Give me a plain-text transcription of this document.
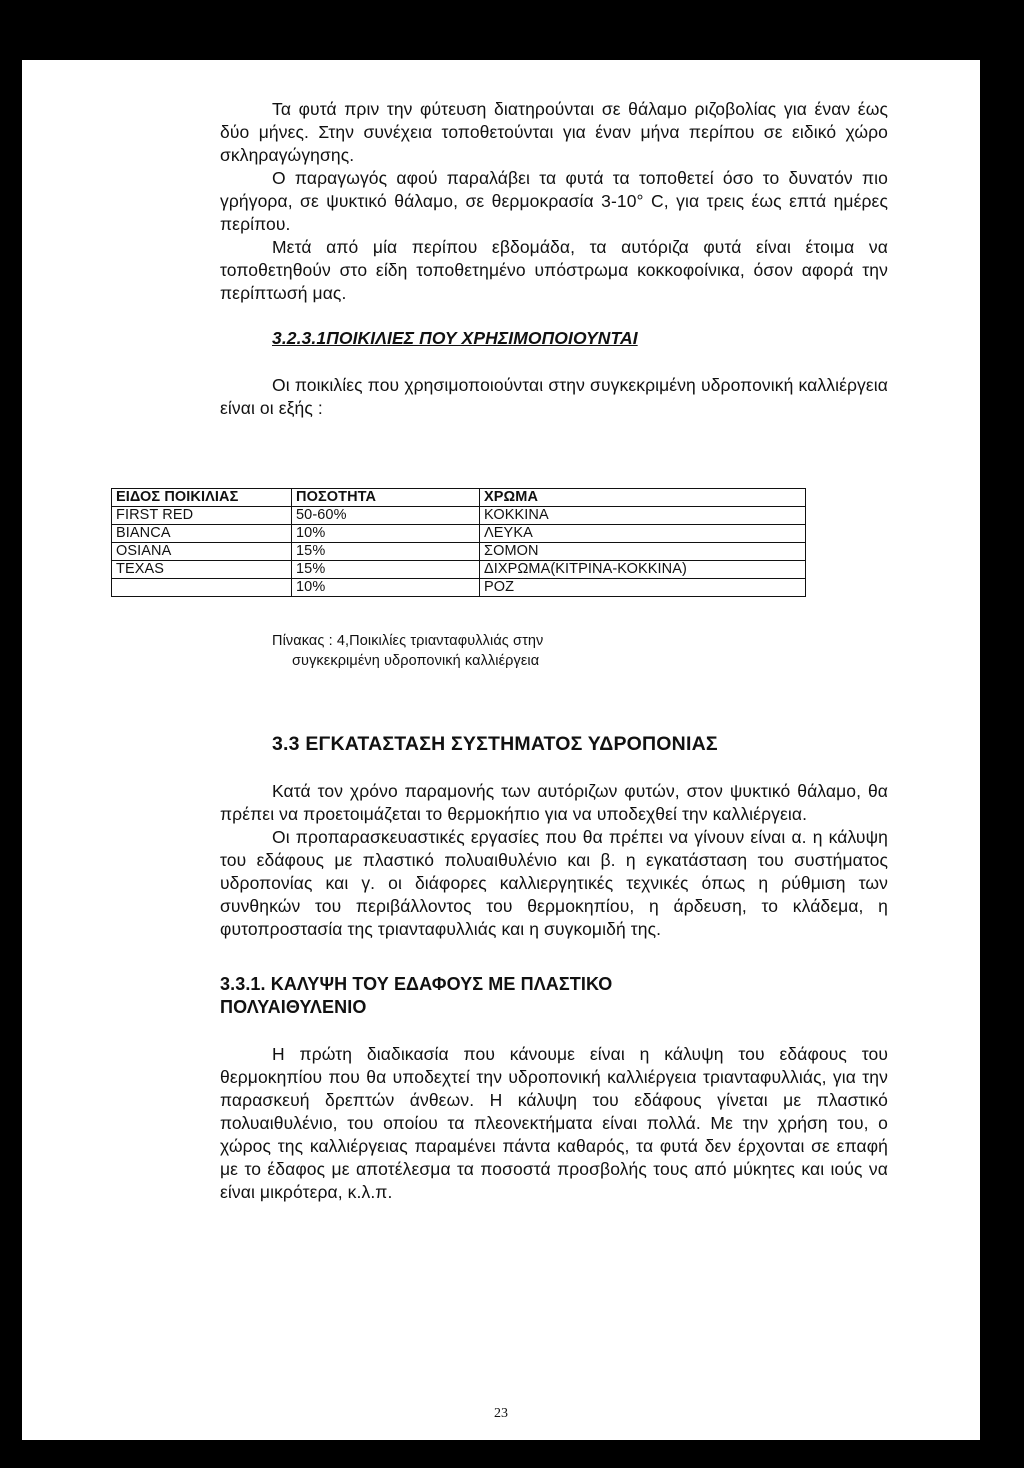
Τα φυτά πριν την φύτευση διατηρούνται σε θάλαμο ριζοβολίας για έναν έως δύο μήνες. Στην συνέχεια τοποθετούνται για έναν μήνα περίπου σε ειδικό χώρο σκληραγώγησης.

Ο παραγωγός αφού παραλάβει τα φυτά τα τοποθετεί όσο το δυνατόν πιο γρήγορα, σε ψυκτικό θάλαμο, σε θερμοκρασία 3-10° C, για τρεις έως επτά ημέρες περίπου.

Μετά από μία περίπου εβδομάδα, τα αυτόριζα φυτά είναι έτοιμα να τοποθετηθούν στο είδη τοποθετημένο υπόστρωμα κοκκοφοίνικα, όσον αφορά την περίπτωσή μας.

3.2.3.1ΠΟΙΚΙΛΙΕΣ ΠΟΥ ΧΡΗΣΙΜΟΠΟΙΟΥΝΤΑΙ

Οι ποικιλίες που χρησιμοποιούνται στην συγκεκριμένη υδροπονική καλλιέργεια είναι οι εξής :

ΕΙΔΟΣ ΠΟΙΚΙΛΙΑΣ	ΠΟΣΟΤΗΤΑ	ΧΡΩΜΑ
FIRST RED	50-60%	ΚΟΚΚΙΝΑ
BIANCA	10%	ΛΕΥΚΑ
OSIANA	15%	ΣΟΜΟΝ
TEXAS	15%	ΔΙΧΡΩΜΑ(ΚΙΤΡΙΝΑ-ΚΟΚΚΙΝΑ)
	10%	ΡΟΖ
Πίνακας : 4,Ποικιλίες τριανταφυλλιάς στην
συγκεκριμένη υδροπονική καλλιέργεια
3.3 ΕΓΚΑΤΑΣΤΑΣΗ ΣΥΣΤΗΜΑΤΟΣ ΥΔΡΟΠΟΝΙΑΣ

Κατά τον χρόνο παραμονής των αυτόριζων φυτών, στον ψυκτικό θάλαμο, θα πρέπει να προετοιμάζεται το θερμοκήπιο για να υποδεχθεί την καλλιέργεια.

Οι προπαρασκευαστικές εργασίες που θα πρέπει να γίνουν είναι α. η κάλυψη του εδάφους με πλαστικό πολυαιθυλένιο και β. η εγκατάσταση του συστήματος υδροπονίας και γ. οι διάφορες καλλιεργητικές τεχνικές όπως η ρύθμιση των συνθηκών του περιβάλλοντος του θερμοκηπίου, η άρδευση, το κλάδεμα, η φυτοπροστασία της τριανταφυλλιάς και η συγκομιδή της.

3.3.1. ΚΑΛΥΨΗ ΤΟΥ ΕΔΑΦΟΥΣ ΜΕ ΠΛΑΣΤΙΚΟ
ΠΟΛΥΑΙΘΥΛΕΝΙΟ

Η πρώτη διαδικασία που κάνουμε είναι η κάλυψη του εδάφους του θερμοκηπίου που θα υποδεχτεί την υδροπονική καλλιέργεια τριανταφυλλιάς, για την παρασκευή δρεπτών άνθεων. Η κάλυψη του εδάφους γίνεται με πλαστικό πολυαιθυλένιο, του οποίου τα πλεονεκτήματα είναι πολλά. Με την χρήση του, ο χώρος της καλλιέργειας παραμένει πάντα καθαρός, τα φυτά δεν έρχονται σε επαφή με το έδαφος με αποτέλεσμα τα ποσοστά προσβολής τους από μύκητες και ιούς να είναι μικρότερα, κ.λ.π.

23
